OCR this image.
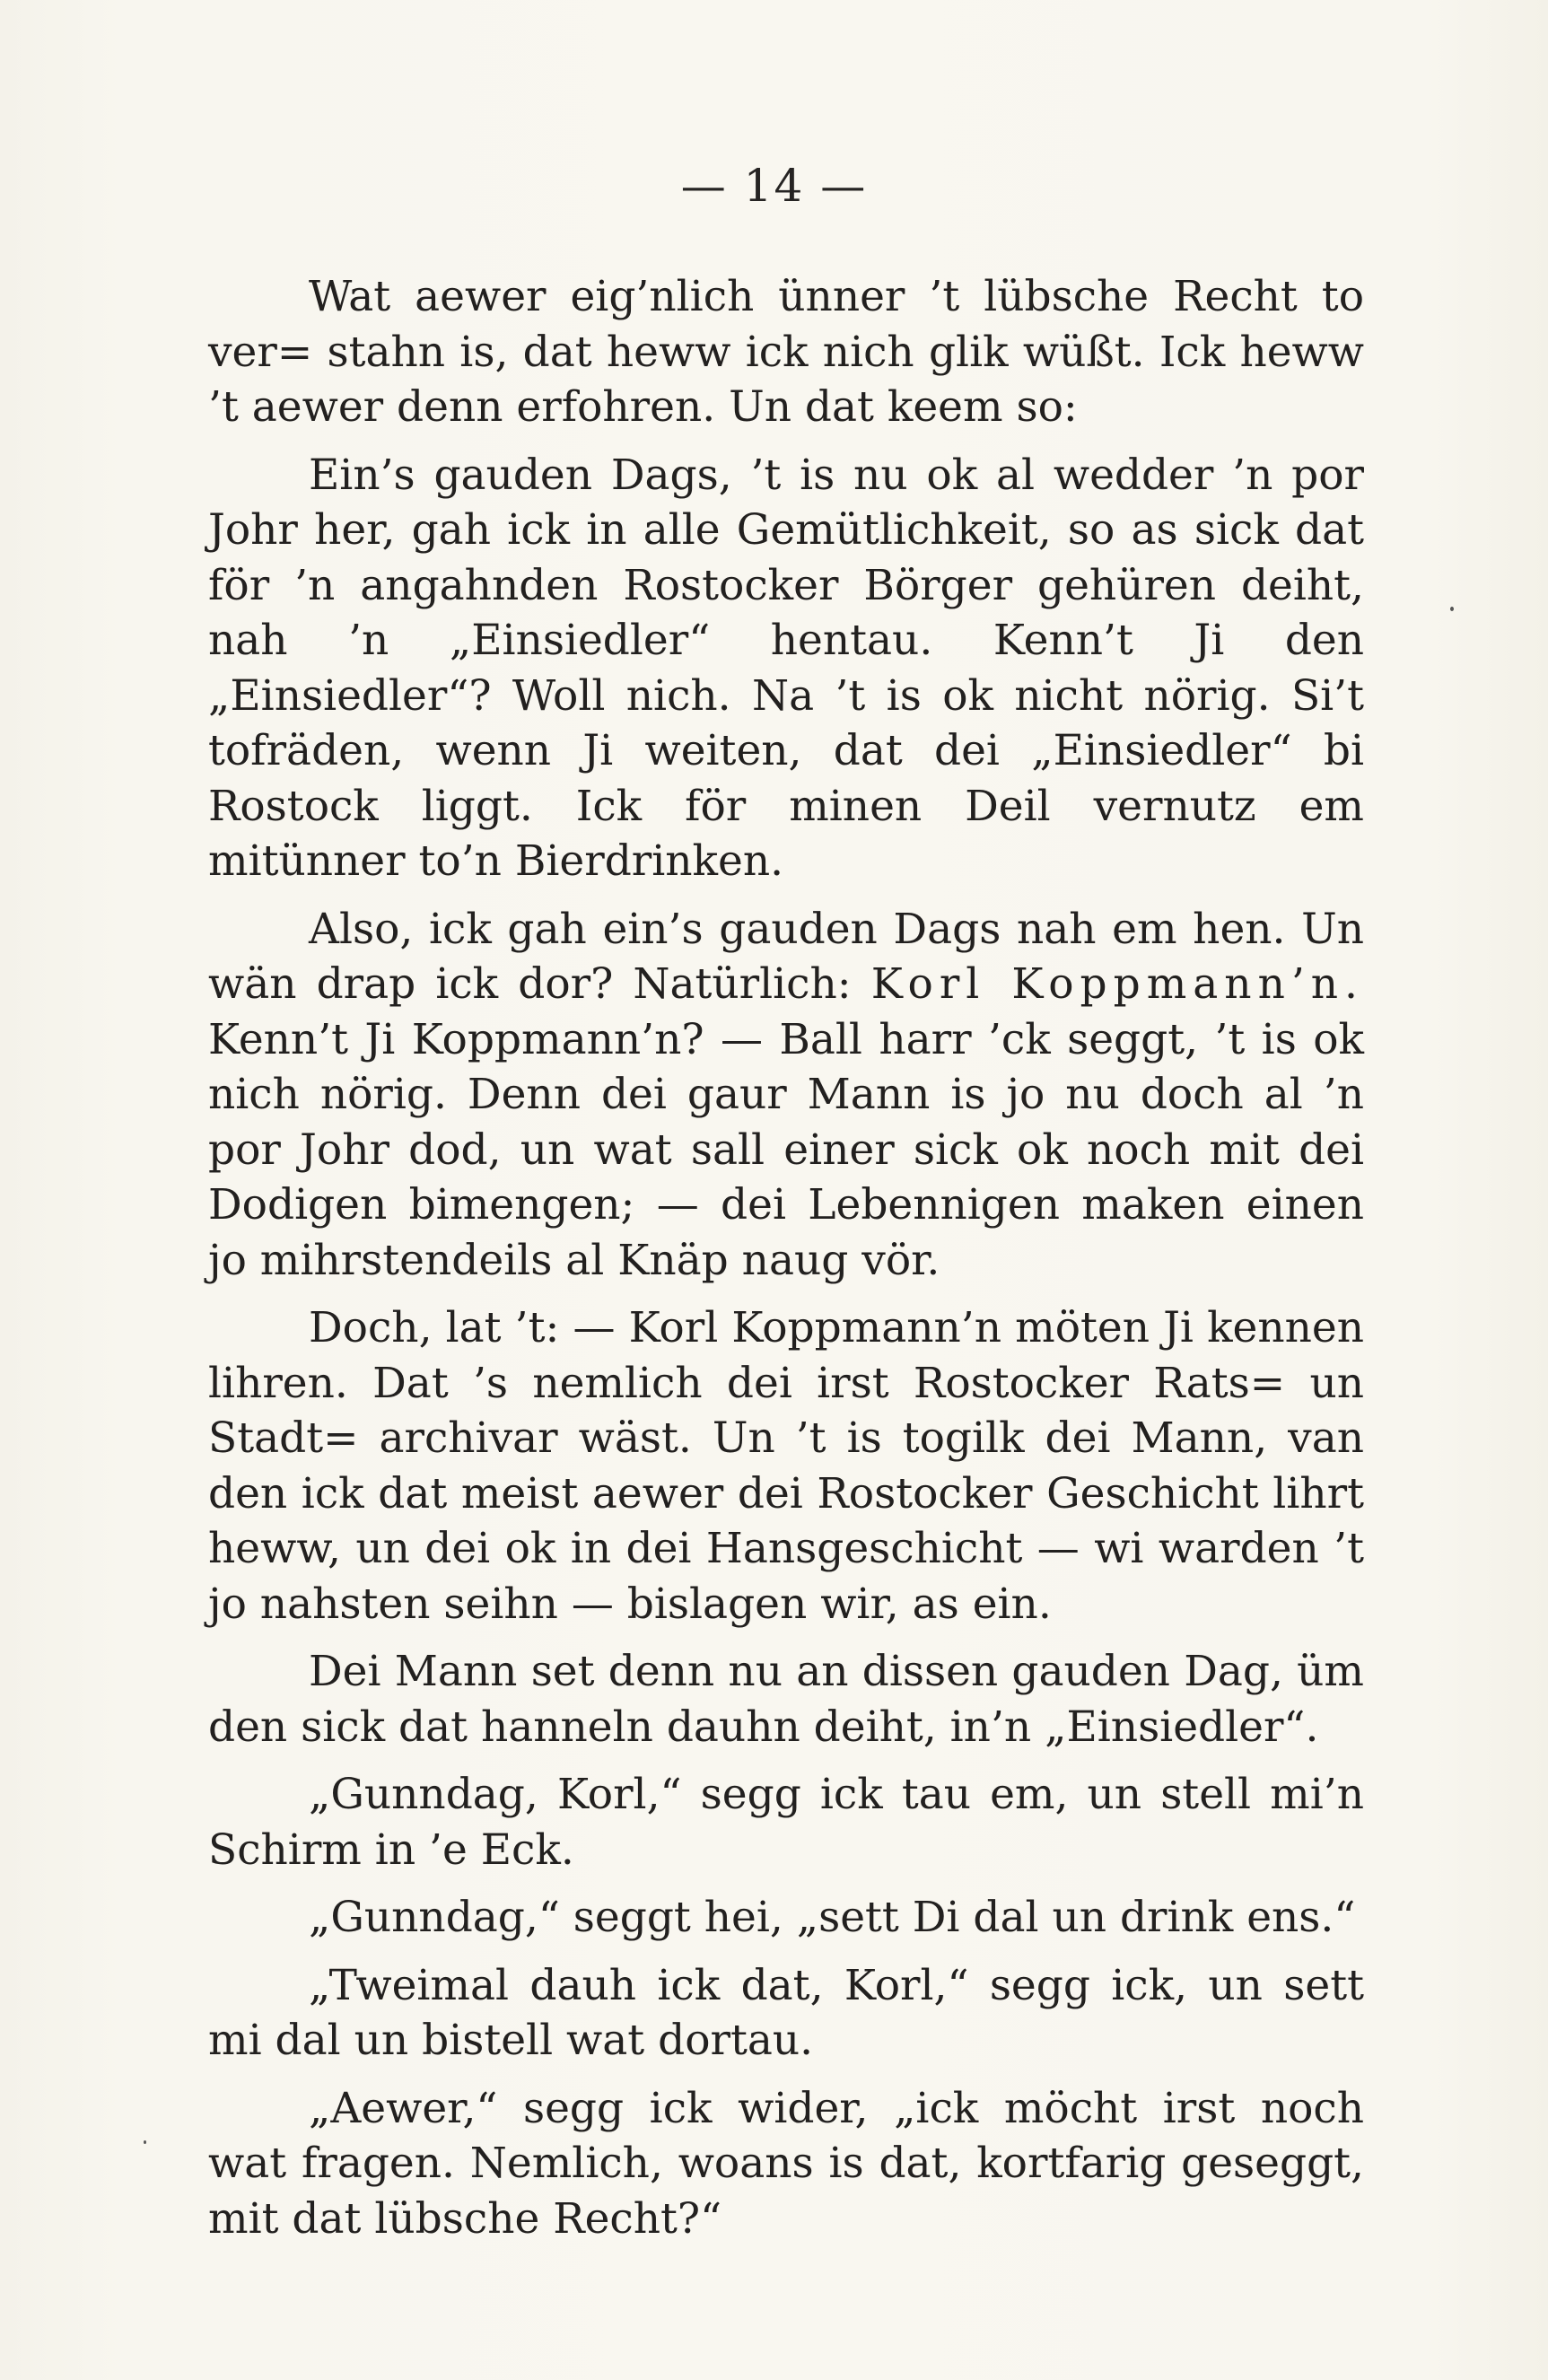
— 14 —

Wat aewer eig’nlich ünner ’t lübsche Recht to ver= stahn is, dat heww ick nich glik wüßt. Ick heww ’t aewer denn erfohren. Un dat keem so:

Ein’s gauden Dags, ’t is nu ok al wedder ’n por Johr her, gah ick in alle Gemütlichkeit, so as sick dat för ’n angahnden Rostocker Börger gehüren deiht, nah ’n „Einsiedler“ hentau. Kenn’t Ji den „Einsiedler“? Woll nich. Na ’t is ok nicht nörig. Si’t tofräden, wenn Ji weiten, dat dei „Einsiedler“ bi Rostock liggt. Ick för minen Deil vernutz em mitünner to’n Bierdrinken.

Also, ick gah ein’s gauden Dags nah em hen. Un wän drap ick dor? Natürlich: Korl Koppmann’n. Kenn’t Ji Koppmann’n? — Ball harr ’ck seggt, ’t is ok nich nörig. Denn dei gaur Mann is jo nu doch al ’n por Johr dod, un wat sall einer sick ok noch mit dei Dodigen bimengen; — dei Lebennigen maken einen jo mihrstendeils al Knäp naug vör.

Doch, lat ’t: — Korl Koppmann’n möten Ji kennen lihren. Dat ’s nemlich dei irst Rostocker Rats= un Stadt= archivar wäst. Un ’t is togilk dei Mann, van den ick dat meist aewer dei Rostocker Geschicht lihrt heww, un dei ok in dei Hansgeschicht — wi warden ’t jo nahsten seihn — bislagen wir, as ein.

Dei Mann set denn nu an dissen gauden Dag, üm den sick dat hanneln dauhn deiht, in’n „Einsiedler“.

„Gunndag, Korl,“ segg ick tau em, un stell mi’n Schirm in ’e Eck.

„Gunndag,“ seggt hei, „sett Di dal un drink ens.“

„Tweimal dauh ick dat, Korl,“ segg ick, un sett mi dal un bistell wat dortau.

„Aewer,“ segg ick wider, „ick möcht irst noch wat fragen. Nemlich, woans is dat, kortfarig geseggt, mit dat lübsche Recht?“
